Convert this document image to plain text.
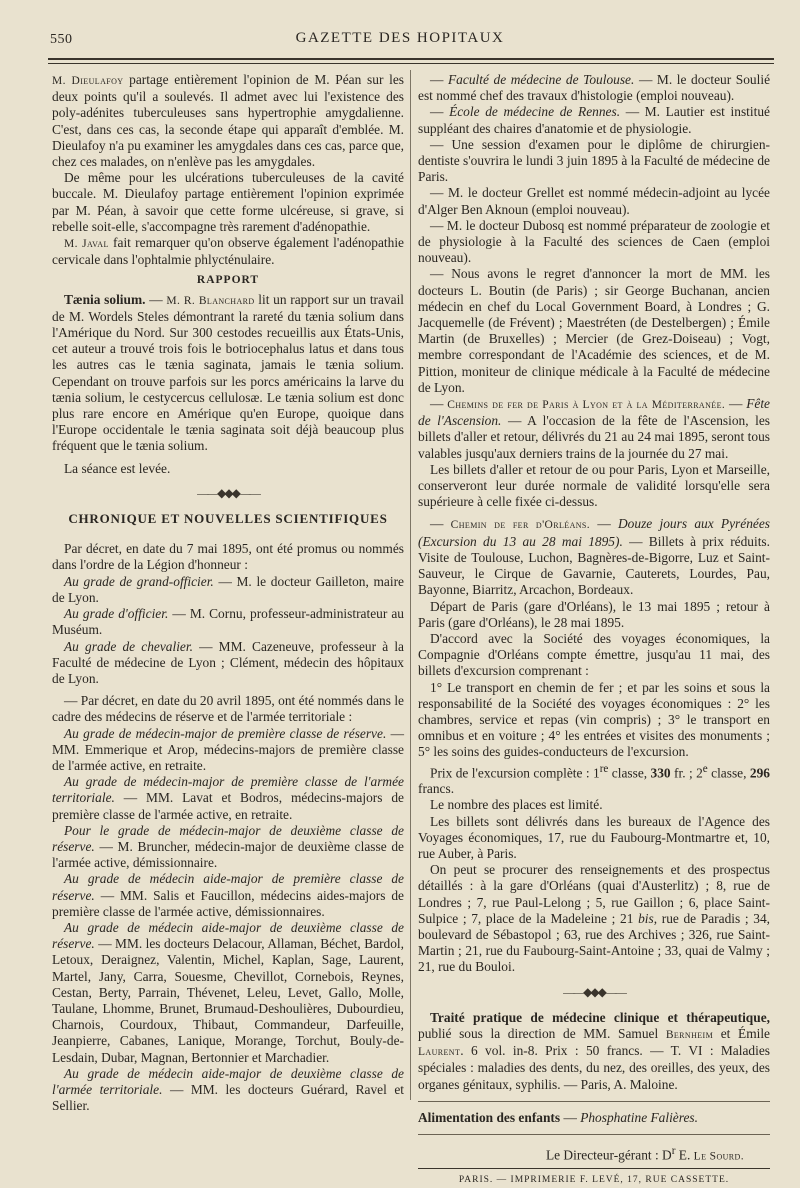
550	GAZETTE DES HOPITAUX

M. Dieulafoy partage entièrement l'opinion de M. Péan sur les deux points qu'il a soulevés. Il admet avec lui l'existence des poly-adénites tuberculeuses sans hypertrophie amygdalienne. C'est, dans ces cas, la seconde étape qui apparaît d'emblée. M. Dieulafoy n'a pu examiner les amygdales dans ces cas, parce que, chez ces malades, on n'enlève pas les amygdales.

De même pour les ulcérations tuberculeuses de la cavité buccale. M. Dieulafoy partage entièrement l'opinion exprimée par M. Péan, à savoir que cette forme ulcéreuse, si grave, si rebelle soit-elle, s'accompagne très rarement d'adénopathie.

M. Javal fait remarquer qu'on observe également l'adénopathie cervicale dans l'ophtalmie phlycténulaire.

RAPPORT

Tænia solium. — M. R. Blanchard lit un rapport sur un travail de M. Wordels Steles démontrant la rareté du tænia solium dans l'Amérique du Nord. Sur 300 cestodes recueillis aux États-Unis, cet auteur a trouvé trois fois le botriocephalus latus et dans tous les autres cas le tænia saginata, jamais le tænia solium. Cependant on trouve parfois sur les porcs américains la larve du tænia solium, le cestycercus cellulosæ. Le tænia solium est donc plus rare encore en Amérique qu'en Europe, quoique dans l'Europe occidentale le tænia saginata soit déjà beaucoup plus fréquent que le tænia solium.

La séance est levée.

——◆◆◆——
CHRONIQUE ET NOUVELLES SCIENTIFIQUES

Par décret, en date du 7 mai 1895, ont été promus ou nommés dans l'ordre de la Légion d'honneur :

Au grade de grand-officier. — M. le docteur Gailleton, maire de Lyon.

Au grade d'officier. — M. Cornu, professeur-administrateur au Muséum.

Au grade de chevalier. — MM. Cazeneuve, professeur à la Faculté de médecine de Lyon ; Clément, médecin des hôpitaux de Lyon.

— Par décret, en date du 20 avril 1895, ont été nommés dans le cadre des médecins de réserve et de l'armée territoriale :

Au grade de médecin-major de première classe de réserve. — MM. Emmerique et Arop, médecins-majors de première classe de l'armée active, en retraite.

Au grade de médecin-major de première classe de l'armée territoriale. — MM. Lavat et Bodros, médecins-majors de première classe de l'armée active, en retraite.

Pour le grade de médecin-major de deuxième classe de réserve. — M. Bruncher, médecin-major de deuxième classe de l'armée active, démissionnaire.

Au grade de médecin aide-major de première classe de réserve. — MM. Salis et Faucillon, médecins aides-majors de première classe de l'armée active, démissionnaires.

Au grade de médecin aide-major de deuxième classe de réserve. — MM. les docteurs Delacour, Allaman, Béchet, Bardol, Letoux, Deraignez, Valentin, Michel, Kaplan, Sage, Laurent, Martel, Jany, Carra, Souesme, Chevillot, Cornebois, Reynes, Cestan, Berty, Parrain, Thévenet, Leleu, Levet, Gallo, Molle, Taulane, Lhomme, Brunet, Brumaud-Deshoulières, Dubourdieu, Charnois, Courdoux, Thibaut, Commandeur, Darfeuille, Jeanpierre, Cabanes, Lanique, Morange, Torchut, Bouly-de-Lesdain, Dubar, Magnan, Bertonnier et Marchadier.

Au grade de médecin aide-major de deuxième classe de l'armée territoriale. — MM. les docteurs Guérard, Ravel et Sellier.

— Faculté de médecine de Toulouse. — M. le docteur Soulié est nommé chef des travaux d'histologie (emploi nouveau).

— École de médecine de Rennes. — M. Lautier est institué suppléant des chaires d'anatomie et de physiologie.

— Une session d'examen pour le diplôme de chirurgien-dentiste s'ouvrira le lundi 3 juin 1895 à la Faculté de médecine de Paris.

— M. le docteur Grellet est nommé médecin-adjoint au lycée d'Alger Ben Aknoun (emploi nouveau).

— M. le docteur Dubosq est nommé préparateur de zoologie et de physiologie à la Faculté des sciences de Caen (emploi nouveau).

— Nous avons le regret d'annoncer la mort de MM. les docteurs L. Boutin (de Paris) ; sir George Buchanan, ancien médecin en chef du Local Government Board, à Londres ; G. Jacquemelle (de Frévent) ; Maestréten (de Destelbergen) ; Émile Martin (de Bruxelles) ; Mercier (de Grez-Doiseau) ; Vogt, membre correspondant de l'Académie des sciences, et de M. Pittion, moniteur de clinique médicale à la Faculté de médecine de Lyon.

— Chemins de fer de Paris à Lyon et à la Méditerranée. — Fête de l'Ascension. — A l'occasion de la fête de l'Ascension, les billets d'aller et retour, délivrés du 21 au 24 mai 1895, seront tous valables jusqu'aux derniers trains de la journée du 27 mai.

Les billets d'aller et retour de ou pour Paris, Lyon et Marseille, conserveront leur durée normale de validité lorsqu'elle sera supérieure à celle fixée ci-dessus.

— Chemin de fer d'Orléans. — Douze jours aux Pyrénées (Excursion du 13 au 28 mai 1895). — Billets à prix réduits. Visite de Toulouse, Luchon, Bagnères-de-Bigorre, Luz et Saint-Sauveur, le Cirque de Gavarnie, Cauterets, Lourdes, Pau, Bayonne, Biarritz, Arcachon, Bordeaux.

Départ de Paris (gare d'Orléans), le 13 mai 1895 ; retour à Paris (gare d'Orléans), le 28 mai 1895.

D'accord avec la Société des voyages économiques, la Compagnie d'Orléans compte émettre, jusqu'au 11 mai, des billets d'excursion comprenant :

1° Le transport en chemin de fer ; et par les soins et sous la responsabilité de la Société des voyages économiques : 2° les chambres, service et repas (vin compris) ; 3° le transport en omnibus et en voiture ; 4° les entrées et visites des monuments ; 5° les soins des guides-conducteurs de l'excursion.

Prix de l'excursion complète : 1re classe, 330 fr. ; 2e classe, 296 francs.

Le nombre des places est limité.

Les billets sont délivrés dans les bureaux de l'Agence des Voyages économiques, 17, rue du Faubourg-Montmartre et, 10, rue Auber, à Paris.

On peut se procurer des renseignements et des prospectus détaillés : à la gare d'Orléans (quai d'Austerlitz) ; 8, rue de Londres ; 7, rue Paul-Lelong ; 5, rue Gaillon ; 6, place Saint-Sulpice ; 7, place de la Madeleine ; 21 bis, rue de Paradis ; 34, boulevard de Sébastopol ; 63, rue des Archives ; 326, rue Saint-Martin ; 21, rue du Faubourg-Saint-Antoine ; 33, quai de Valmy ; 21, rue du Bouloi.

——◆◆◆——

Traité pratique de médecine clinique et thérapeutique, publié sous la direction de MM. Samuel Bernheim et Émile Laurent. 6 vol. in-8. Prix : 50 francs. — T. VI : Maladies spéciales : maladies des dents, du nez, des oreilles, des yeux, des organes génitaux, syphilis. — Paris, A. Maloine.

Alimentation des enfants — Phosphatine Falières.

Le Directeur-gérant : $D^r$ E. Le Sourd.
PARIS. — IMPRIMERIE F. LEVÉ, 17, RUE CASSETTE.
